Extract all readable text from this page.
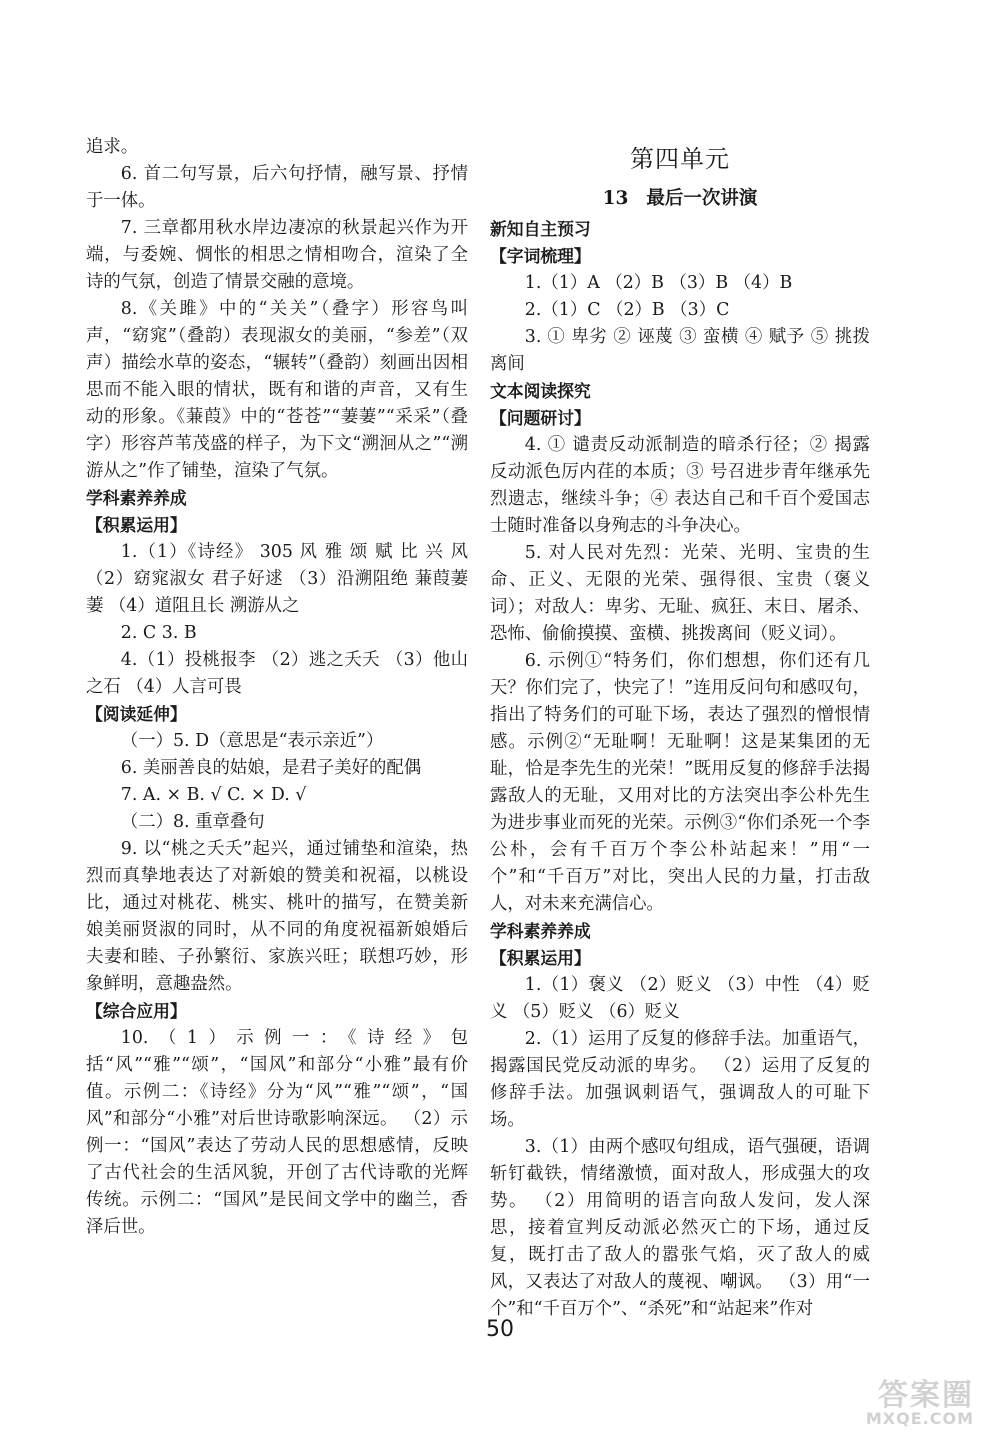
追求。

6. 首二句写景，后六句抒情，融写景、抒情于一体。

7. 三章都用秋水岸边凄凉的秋景起兴作为开端，与委婉、惆怅的相思之情相吻合，渲染了全诗的气氛，创造了情景交融的意境。

8.《关雎》中的“关关”（叠字）形容鸟叫声，“窈窕”（叠韵）表现淑女的美丽，“参差”（双声）描绘水草的姿态，“辗转”（叠韵）刻画出因相思而不能入眼的情状，既有和谐的声音，又有生动的形象。《蒹葭》中的“苍苍”“萋萋”“采采”（叠字）形容芦苇茂盛的样子，为下文“溯洄从之”“溯游从之”作了铺垫，渲染了气氛。

学科素养养成

【积累运用】

1.（1）《诗经》 305 风 雅 颂 赋 比 兴 风 （2）窈窕淑女 君子好逑 （3）沿溯阻绝 蒹葭萋萋 （4）道阻且长 溯游从之

2. C 3. B

4.（1）投桃报李 （2）逃之夭夭 （3）他山之石 （4）人言可畏

【阅读延伸】

（一）5. D（意思是“表示亲近”）

6. 美丽善良的姑娘，是君子美好的配偶

7. A. × B. √ C. × D. √

（二）8. 重章叠句

9. 以“桃之夭夭”起兴，通过铺垫和渲染，热烈而真挚地表达了对新娘的赞美和祝福，以桃设比，通过对桃花、桃实、桃叶的描写，在赞美新娘美丽贤淑的同时，从不同的角度祝福新娘婚后夫妻和睦、子孙繁衍、家族兴旺；联想巧妙，形象鲜明，意趣盎然。

【综合应用】

10.（1）示例一：《诗经》包括“风”“雅”“颂”，“国风”和部分“小雅”最有价值。示例二：《诗经》分为“风”“雅”“颂”，“国风”和部分“小雅”对后世诗歌影响深远。 （2）示例一：“国风”表达了劳动人民的思想感情，反映了古代社会的生活风貌，开创了古代诗歌的光辉传统。示例二：“国风”是民间文学中的幽兰，香泽后世。

第四单元

13 最后一次讲演

新知自主预习

【字词梳理】

1.（1）A （2）B （3）B （4）B

2.（1）C （2）B （3）C

3. ① 卑劣 ② 诬蔑 ③ 蛮横 ④ 赋予 ⑤ 挑拨离间

文本阅读探究

【问题研讨】

4. ① 谴责反动派制造的暗杀行径；② 揭露反动派色厉内荏的本质；③ 号召进步青年继承先烈遗志，继续斗争；④ 表达自己和千百个爱国志士随时准备以身殉志的斗争决心。

5. 对人民对先烈：光荣、光明、宝贵的生命、正义、无限的光荣、强得很、宝贵（褒义词）；对敌人：卑劣、无耻、疯狂、末日、屠杀、恐怖、偷偷摸摸、蛮横、挑拨离间（贬义词）。

6. 示例①“特务们，你们想想，你们还有几天？你们完了，快完了！”连用反问句和感叹句，指出了特务们的可耻下场，表达了强烈的憎恨情感。示例②“无耻啊！无耻啊！这是某集团的无耻，恰是李先生的光荣！”既用反复的修辞手法揭露敌人的无耻，又用对比的方法突出李公朴先生为进步事业而死的光荣。示例③“你们杀死一个李公朴，会有千百万个李公朴站起来！”用“一个”和“千百万”对比，突出人民的力量，打击敌人，对未来充满信心。

学科素养养成

【积累运用】

1.（1）褒义 （2）贬义 （3）中性 （4）贬义 （5）贬义 （6）贬义

2.（1）运用了反复的修辞手法。加重语气，揭露国民党反动派的卑劣。 （2）运用了反复的修辞手法。加强讽刺语气，强调敌人的可耻下场。

3.（1）由两个感叹句组成，语气强硬，语调斩钉截铁，情绪激愤，面对敌人，形成强大的攻势。 （2）用简明的语言向敌人发问，发人深思，接着宣判反动派必然灭亡的下场，通过反复，既打击了敌人的嚣张气焰，灭了敌人的威风，又表达了对敌人的蔑视、嘲讽。 （3）用“一个”和“千百万个”、“杀死”和“站起来”作对

50
答案圈
MXQE.COM
